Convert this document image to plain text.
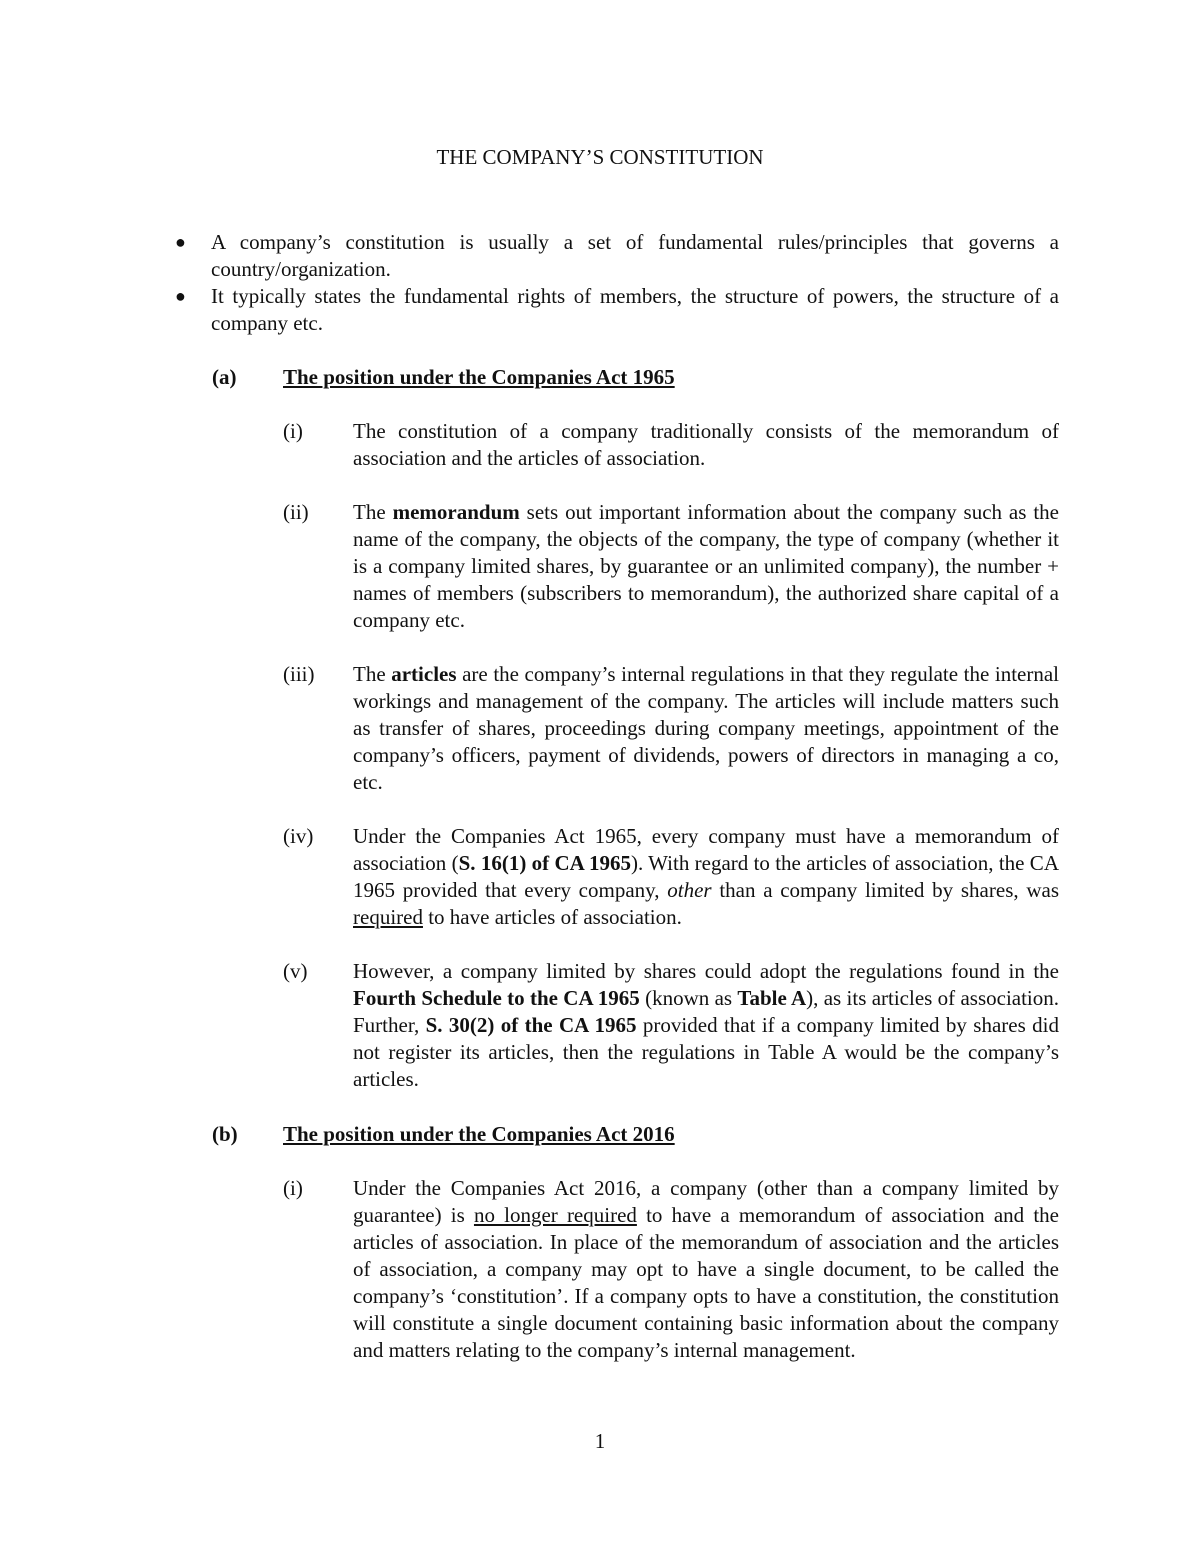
THE COMPANY’S CONSTITUTION
● A company’s constitution is usually a set of fundamental rules/principles that governs a country/organization.
● It typically states the fundamental rights of members, the structure of powers, the structure of a company etc.
(a)	The position under the Companies Act 1965
(i)	The constitution of a company traditionally consists of the memorandum of association and the articles of association.
(ii)	The memorandum sets out important information about the company such as the name of the company, the objects of the company, the type of company (whether it is a company limited shares, by guarantee or an unlimited company), the number + names of members (subscribers to memorandum), the authorized share capital of a company etc.
(iii)	The articles are the company’s internal regulations in that they regulate the internal workings and management of the company. The articles will include matters such as transfer of shares, proceedings during company meetings, appointment of the company’s officers, payment of dividends, powers of directors in managing a co, etc.
(iv)	Under the Companies Act 1965, every company must have a memorandum of association (S. 16(1) of CA 1965). With regard to the articles of association, the CA 1965 provided that every company, other than a company limited by shares, was required to have articles of association.
(v)	However, a company limited by shares could adopt the regulations found in the Fourth Schedule to the CA 1965 (known as Table A), as its articles of association. Further, S. 30(2) of the CA 1965 provided that if a company limited by shares did not register its articles, then the regulations in Table A would be the company’s articles.
(b)	The position under the Companies Act 2016
(i)	Under the Companies Act 2016, a company (other than a company limited by guarantee) is no longer required to have a memorandum of association and the articles of association. In place of the memorandum of association and the articles of association, a company may opt to have a single document, to be called the company’s ‘constitution’. If a company opts to have a constitution, the constitution will constitute a single document containing basic information about the company and matters relating to the company’s internal management.
1
